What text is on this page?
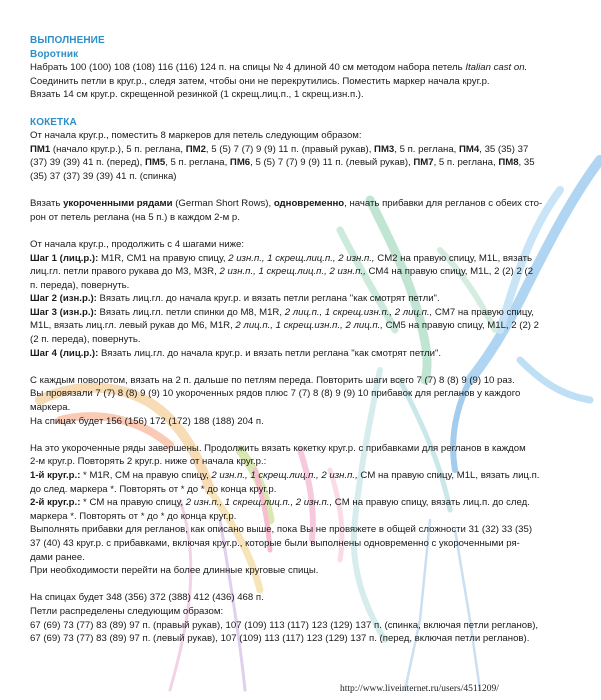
ВЫПОЛНЕНИЕ

Воротник

Набрать 100 (100) 108 (108) 116 (116) 124 п. на спицы № 4 длиной 40 см методом набора петель Italian cast on.

Соединить петли в круг.р., следя затем, чтобы они не перекрутились. Поместить маркер начала круг.р.

Вязать 14 см круг.р. скрещенной резинкой (1 скрещ.лиц.п., 1 скрещ.изн.п.).

КОКЕТКА

От начала круг.р., поместить 8 маркеров для петель следующим образом:

ПМ1 (начало круг.р.), 5 п. реглана, ПМ2, 5 (5) 7 (7) 9 (9) 11 п. (правый рукав), ПМ3, 5 п. реглана, ПМ4, 35 (35) 37

(37) 39 (39) 41 п. (перед), ПМ5, 5 п. реглана, ПМ6, 5 (5) 7 (7) 9 (9) 11 п. (левый рукав), ПМ7, 5 п. реглана, ПМ8, 35

(35) 37 (37) 39 (39) 41 п. (спинка)

Вязать укороченными рядами (German Short Rows), одновременно, начать прибавки для регланов с обеих сто-

рон от петель реглана (на 5 п.) в каждом 2-м р.

От начала круг.р., продолжить с 4 шагами ниже:

Шаг 1 (лиц.р.): M1R, CM1 на правую спицу, 2 изн.п., 1 скрещ.лиц.п., 2 изн.п., CM2 на правую спицу, M1L, вязать

лиц.гл. петли правого рукава до M3, M3R, 2 изн.п., 1 скрещ.лиц.п., 2 изн.п., CM4 на правую спицу, M1L, 2 (2) 2 (2

п. переда), повернуть.

Шаг 2 (изн.р.): Вязать лиц.гл. до начала круг.р. и вязать петли реглана "как смотрят петли".

Шаг 3 (изн.р.): Вязать лиц.гл. петли спинки до M8, M1R, 2 лиц.п., 1 скрещ.изн.п., 2 лиц.п., CM7 на правую спицу,

M1L, вязать лиц.гл. левый рукав до M6, M1R, 2 лиц.п., 1 скрещ.изн.п., 2 лиц.п., CM5 на правую спицу, M1L, 2 (2) 2

(2 п. переда), повернуть.

Шаг 4 (лиц.р.): Вязать лиц.гл. до начала круг.р. и вязать петли реглана "как смотрят петли".

С каждым поворотом, вязать на 2 п. дальше по петлям переда. Повторить шаги всего 7 (7) 8 (8) 9 (9) 10 раз.

Вы провязали 7 (7) 8 (8) 9 (9) 10 укороченных рядов плюс 7 (7) 8 (8) 9 (9) 10 прибавок для регланов у каждого

маркера.

На спицах будет 156 (156) 172 (172) 188 (188) 204 п.

На это укороченные ряды завершены. Продолжить вязать кокетку круг.р. с прибавками для регланов в каждом

2-м круг.р. Повторять 2 круг.р. ниже от начала круг.р.:

1-й круг.р.: * M1R, CM на правую спицу, 2 изн.п., 1 скрещ.лиц.п., 2 изн.п., CM на правую спицу, M1L, вязать лиц.п.

до след. маркера *. Повторять от * до * до конца круг.р.

2-й круг.р.: * CM на правую спицу, 2 изн.п., 1 скрещ.лиц.п., 2 изн.п., CM на правую спицу, вязать лиц.п. до след.

маркера *. Повторять от * до * до конца круг.р.

Выполнять прибавки для регланов, как описано выше, пока Вы не провяжете в общей сложности 31 (32) 33 (35)

37 (40) 43 круг.р. с прибавками, включая круг.р., которые были выполнены одновременно с укороченными ря-

дами ранее.

При необходимости перейти на более длинные круговые спицы.

На спицах будет 348 (356) 372 (388) 412 (436) 468 п.

Петли распределены следующим образом:

67 (69) 73 (77) 83 (89) 97 п. (правый рукав), 107 (109) 113 (117) 123 (129) 137 п. (спинка, включая петли регланов),

67 (69) 73 (77) 83 (89) 97 п. (левый рукав), 107 (109) 113 (117) 123 (129) 137 п. (перед, включая петли регланов).

http://www.liveinternet.ru/users/4511209/
